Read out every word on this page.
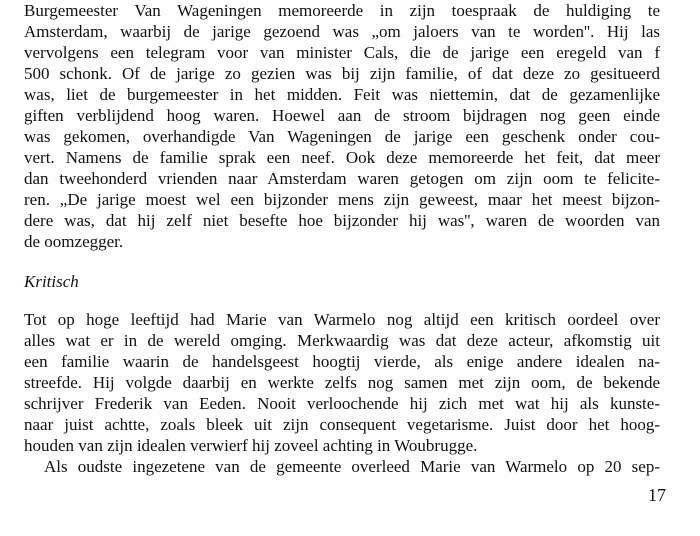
Burgemeester Van Wageningen memoreerde in zijn toespraak de huldiging te
Amsterdam, waarbij de jarige gezoend was „om jaloers van te worden''. Hij las
vervolgens een telegram voor van minister Cals, die de jarige een eregeld van f
500 schonk. Of de jarige zo gezien was bij zijn familie, of dat deze zo gesitueerd
was, liet de burgemeester in het midden. Feit was niettemin, dat de gezamenlijke
giften verblijdend hoog waren. Hoewel aan de stroom bijdragen nog geen einde
was gekomen, overhandigde Van Wageningen de jarige een geschenk onder cou-
vert. Namens de familie sprak een neef. Ook deze memoreerde het feit, dat meer
dan tweehonderd vrienden naar Amsterdam waren getogen om zijn oom te felicite-
ren. „De jarige moest wel een bijzonder mens zijn geweest, maar het meest bijzon-
dere was, dat hij zelf niet besefte hoe bijzonder hij was'', waren de woorden van
de oomzegger.
Kritisch
Tot op hoge leeftijd had Marie van Warmelo nog altijd een kritisch oordeel over
alles wat er in de wereld omging. Merkwaardig was dat deze acteur, afkomstig uit
een familie waarin de handelsgeest hoogtij vierde, als enige andere idealen na-
streefde. Hij volgde daarbij en werkte zelfs nog samen met zijn oom, de bekende
schrijver Frederik van Eeden. Nooit verloochende hij zich met wat hij als kunste-
naar juist achtte, zoals bleek uit zijn consequent vegetarisme. Juist door het hoog-
houden van zijn idealen verwierf hij zoveel achting in Woubrugge.
Als oudste ingezetene van de gemeente overleed Marie van Warmelo op 20 sep-
17
